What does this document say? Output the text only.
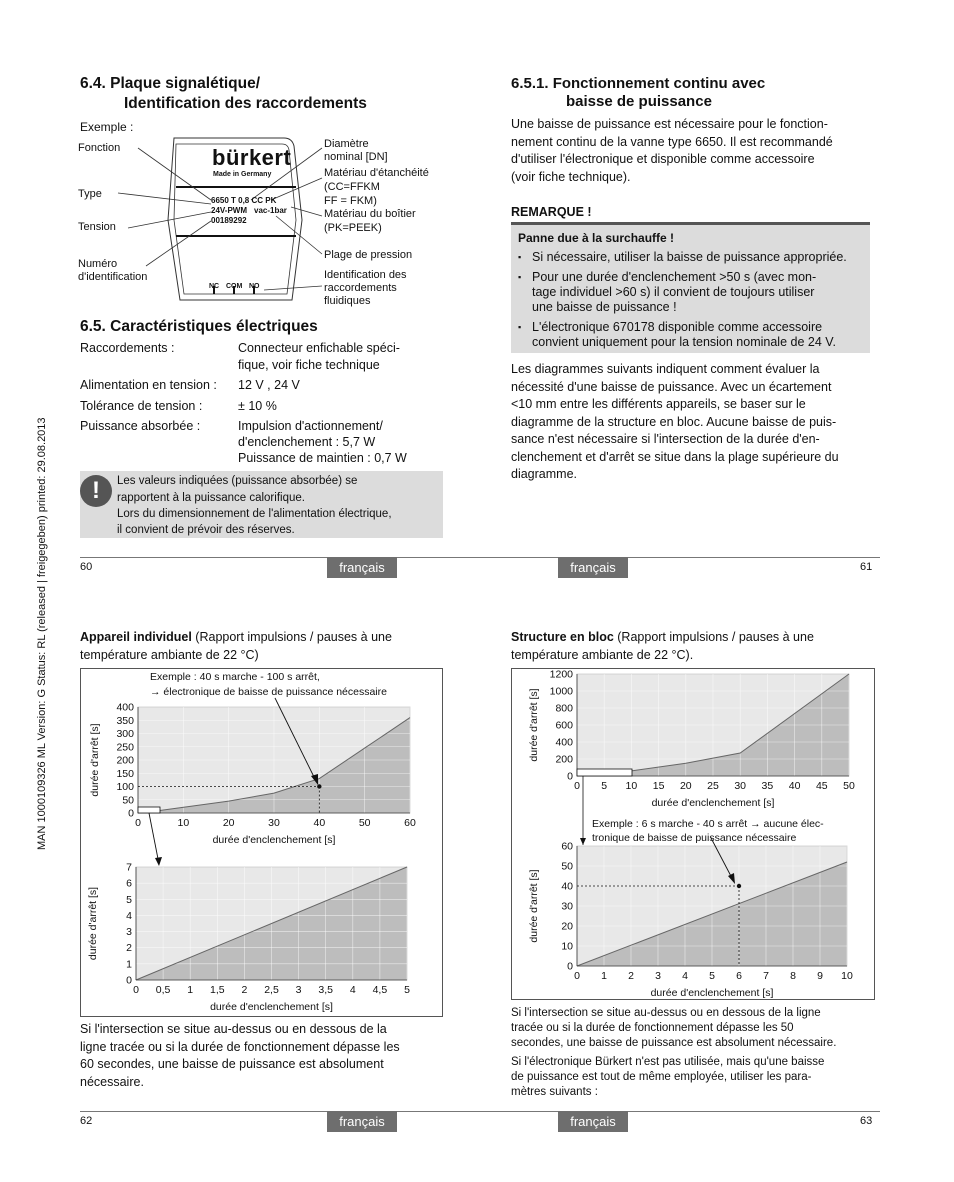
MAN 1000109326 ML Version: G Status: RL (released | freigegeben) printed: 29.08.2013
6.4. Plaque signalétique/
Identification des raccordements
Exemple :
Fonction
Type
Tension
Numéro
d'identification
Diamètre
nominal [DN]
Matériau d'étanchéité
(CC=FFKM
FF = FKM)
Matériau du boîtier
(PK=PEEK)
Plage de pression
Identification des
raccordements
fluidiques
bürkert
Made in Germany
6650 T 0,8 CC PK
24V-PWM vac-1bar
00189292
NC COM NO
6.5. Caractéristiques électriques
Raccordements :	Connecteur enfichable spéci-
fique, voir fiche technique
Alimentation en tension : 12 V , 24 V
Tolérance de tension :	± 10 %
Puissance absorbée :	Impulsion d'actionnement/
d'enclenchement : 5,7 W
Puissance de maintien : 0,7 W
!	Les valeurs indiquées (puissance absorbée) se
rapportent à la puissance calorifique.
Lors du dimensionnement de l'alimentation électrique,
il convient de prévoir des réserves.
60	français	français	61
6.5.1. Fonctionnement continu avec
baisse de puissance
Une baisse de puissance est nécessaire pour le fonction-
nement continu de la vanne type 6650. Il est recommandé
d'utiliser l'électronique et disponible comme accessoire
(voir fiche technique).
REMARQUE !
Panne due à la surchauffe !
▪ Si nécessaire, utiliser la baisse de puissance appropriée.
▪ Pour une durée d'enclenchement >50 s (avec mon-
tage individuel >60 s) il convient de toujours utiliser
une baisse de puissance !
▪ L'électronique 670178 disponible comme accessoire
convient uniquement pour la tension nominale de 24 V.
Les diagrammes suivants indiquent comment évaluer la
nécessité d'une baisse de puissance. Avec un écartement
<10 mm entre les différents appareils, se baser sur le
diagramme de la structure en bloc. Aucune baisse de puis-
sance n'est nécessaire si l'intersection de la durée d'en-
clenchement et d'arrêt se situe dans la plage supérieure du
diagramme.
Appareil individuel (Rapport impulsions / pauses à une
température ambiante de 22 °C)
Exemple : 40 s marche - 100 s arrêt,
→ électronique de baisse de puissance nécessaire
0	10	20	30	40	50	60
0
50
100
150
200
250
300
350
400
durée d'enclenchement [s]
durée d'arrêt [s]
0 0,5 1 1,5 2 2,5 3 3,5 4 4,5 5
0
1
2
3
4
5
6
7
durée d'enclenchement [s]
durée d'arrêt [s]
Si l'intersection se situe au-dessus ou en dessous de la
ligne tracée ou si la durée de fonctionnement dépasse les
60 secondes, une baisse de puissance est absolument
nécessaire.
Structure en bloc (Rapport impulsions / pauses à une
température ambiante de 22 °C).
Exemple : 6 s marche - 40 s arrêt → aucune élec-
tronique de baisse de puissance nécessaire
0 5 10 15 20 25 30 35 40 45 50
0
200
400
600
800
1000
1200
durée d'enclenchement [s]
durée d'arrêt [s]
0 1 2 3 4 5 6 7 8 9 10
0
10
20
30
40
50
60
durée d'enclenchement [s]
durée d'arrêt [s]
Si l'intersection se situe au-dessus ou en dessous de la ligne
tracée ou si la durée de fonctionnement dépasse les 50
secondes, une baisse de puissance est absolument nécessaire.
Si l'électronique Bürkert n'est pas utilisée, mais qu'une baisse
de puissance est tout de même employée, utiliser les para-
mètres suivants :
62	français	français	63
